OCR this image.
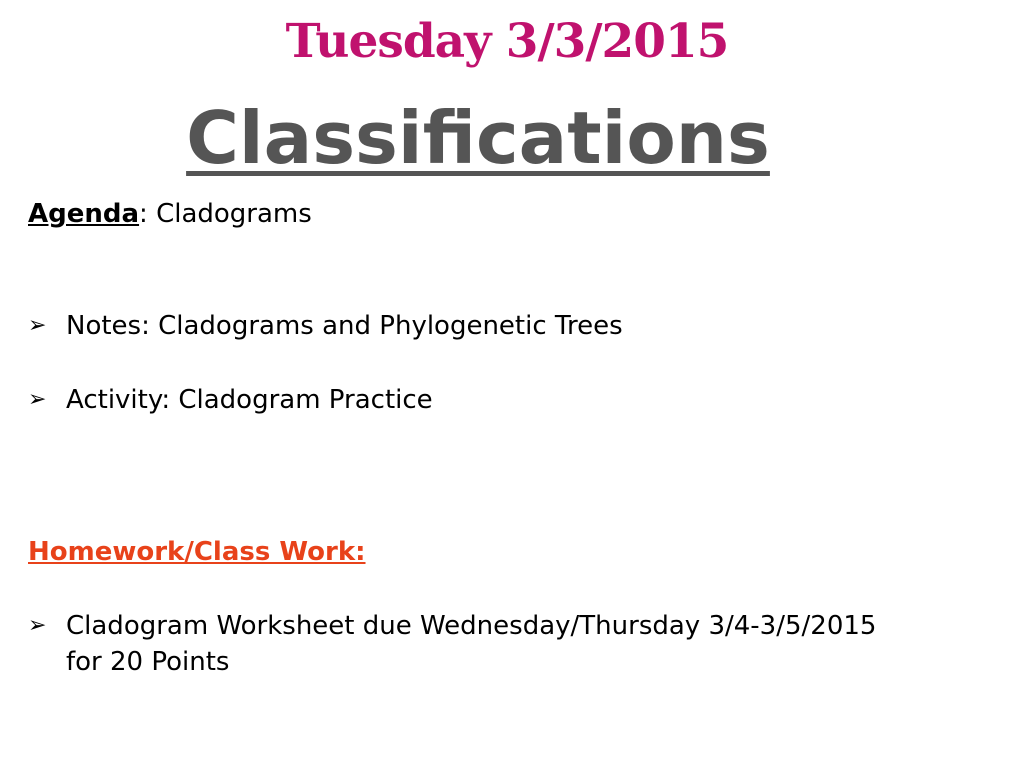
Tuesday 3/3/2015
Classifications
Agenda: Cladograms
➢ Notes: Cladograms and Phylogenetic Trees
➢ Activity: Cladogram Practice
Homework/Class Work:
➢ Cladogram Worksheet due Wednesday/Thursday 3/4-3/5/2015 for 20 Points
